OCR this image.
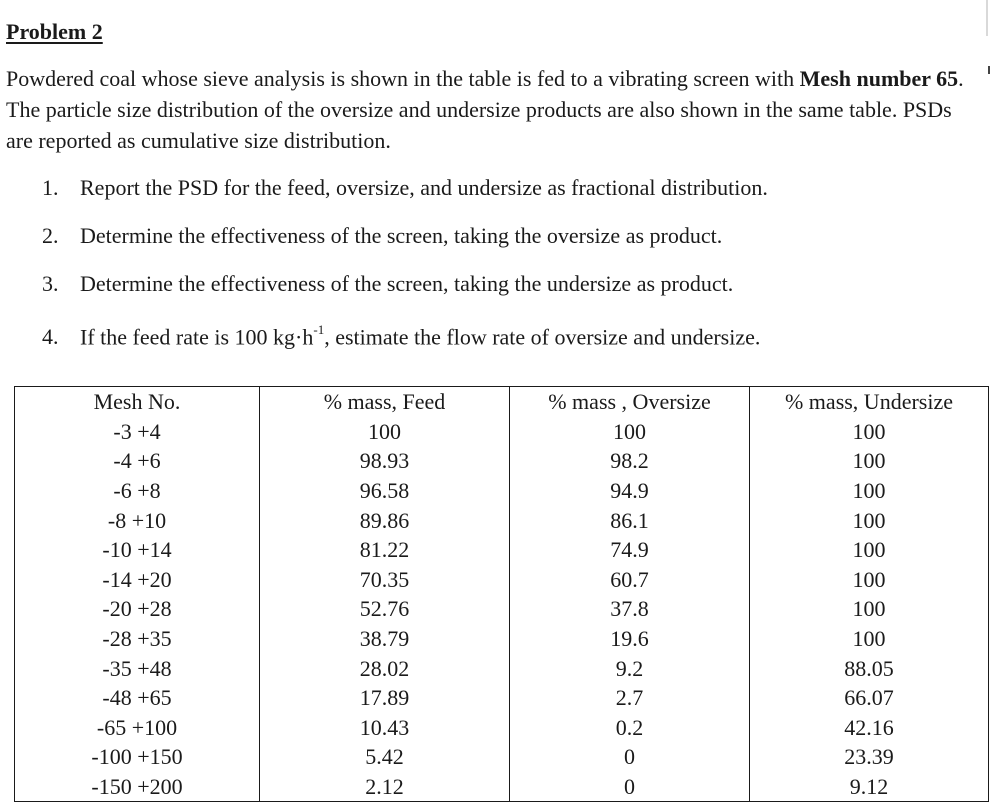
Problem 2

Powdered coal whose sieve analysis is shown in the table is fed to a vibrating screen with Mesh number 65. The particle size distribution of the oversize and undersize products are also shown in the same table. PSDs are reported as cumulative size distribution.

1. Report the PSD for the feed, oversize, and undersize as fractional distribution.
2. Determine the effectiveness of the screen, taking the oversize as product.
3. Determine the effectiveness of the screen, taking the undersize as product.
4. If the feed rate is 100 $kg\cdot h^{-1}$, estimate the flow rate of oversize and undersize.
Mesh No.	% mass, Feed	% mass , Oversize	% mass, Undersize
-3 +4	100	100	100
-4 +6	98.93	98.2	100
-6 +8	96.58	94.9	100
-8 +10	89.86	86.1	100
-10 +14	81.22	74.9	100
-14 +20	70.35	60.7	100
-20 +28	52.76	37.8	100
-28 +35	38.79	19.6	100
-35 +48	28.02	9.2	88.05
-48 +65	17.89	2.7	66.07
-65 +100	10.43	0.2	42.16
-100 +150	5.42	0	23.39
-150 +200	2.12	0	9.12
